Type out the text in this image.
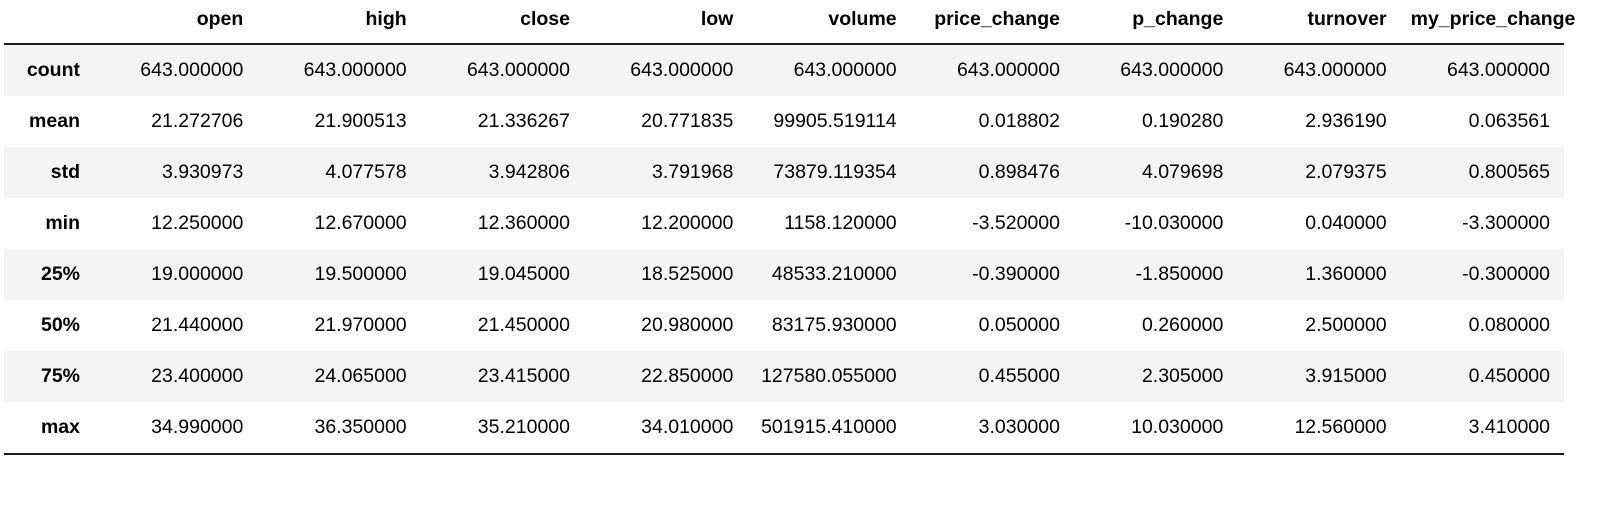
	open	high	close	low	volume	price_change	p_change	turnover	my_price_change
count	643.000000	643.000000	643.000000	643.000000	643.000000	643.000000	643.000000	643.000000	643.000000
mean	21.272706	21.900513	21.336267	20.771835	99905.519114	0.018802	0.190280	2.936190	0.063561
std	3.930973	4.077578	3.942806	3.791968	73879.119354	0.898476	4.079698	2.079375	0.800565
min	12.250000	12.670000	12.360000	12.200000	1158.120000	-3.520000	-10.030000	0.040000	-3.300000
25%	19.000000	19.500000	19.045000	18.525000	48533.210000	-0.390000	-1.850000	1.360000	-0.300000
50%	21.440000	21.970000	21.450000	20.980000	83175.930000	0.050000	0.260000	2.500000	0.080000
75%	23.400000	24.065000	23.415000	22.850000	127580.055000	0.455000	2.305000	3.915000	0.450000
max	34.990000	36.350000	35.210000	34.010000	501915.410000	3.030000	10.030000	12.560000	3.410000
